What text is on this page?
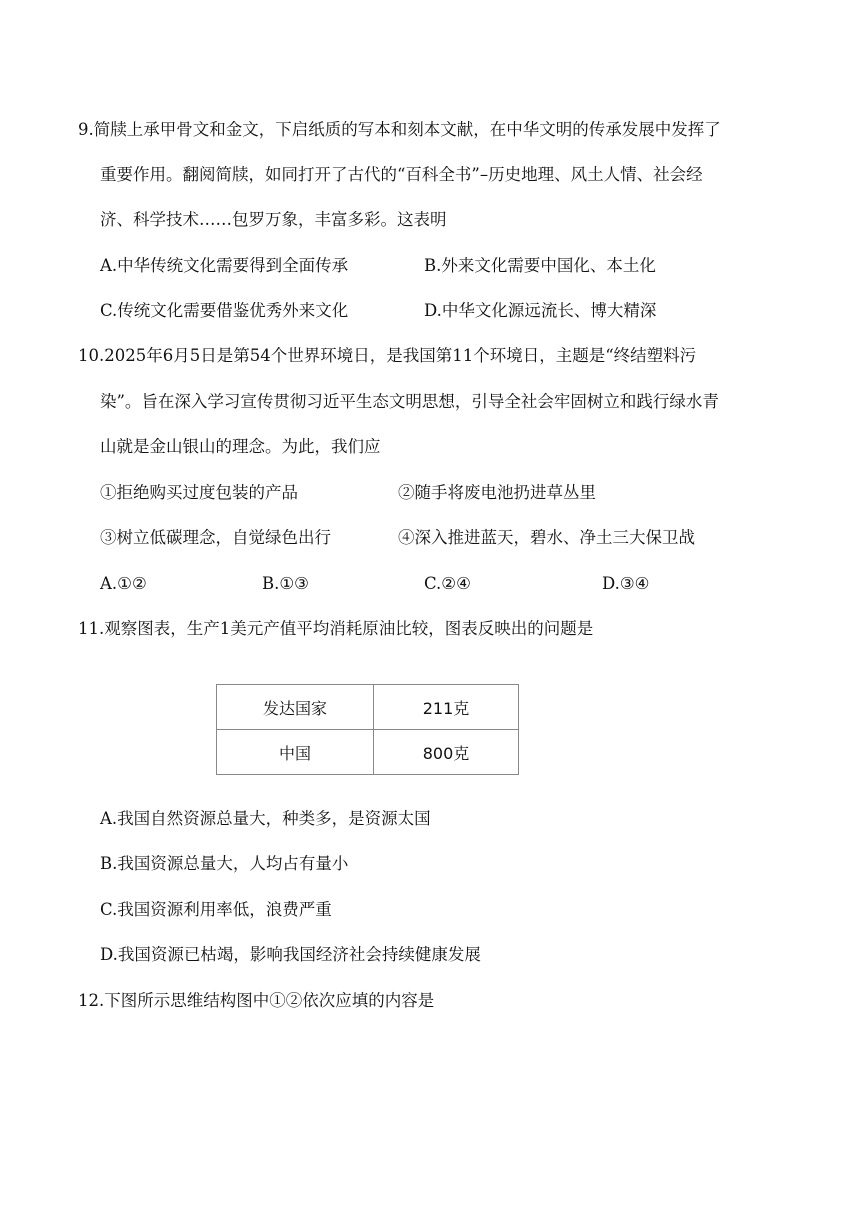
9.简牍上承甲骨文和金文，下启纸质的写本和刻本文献，在中华文明的传承发展中发挥了
重要作用。翻阅简牍，如同打开了古代的“百科全书”–历史地理、风土人情、社会经
济、科学技术……包罗万象，丰富多彩。这表明
A.中华传统文化需要得到全面传承	B.外来文化需要中国化、本土化
C.传统文化需要借鉴优秀外来文化	D.中华文化源远流长、博大精深
10.2025年6月5日是第54个世界环境日，是我国第11个环境日，主题是“终结塑料污
染”。旨在深入学习宣传贯彻习近平生态文明思想，引导全社会牢固树立和践行绿水青
山就是金山银山的理念。为此，我们应
①拒绝购买过度包装的产品	②随手将废电池扔进草丛里
③树立低碳理念，自觉绿色出行	④深入推进蓝天，碧水、净土三大保卫战
A.①②	B.①③	C.②④	D.③④
11.观察图表，生产1美元产值平均消耗原油比较，图表反映出的问题是
发达国家	211克
中国	800克
A.我国自然资源总量大，种类多，是资源太国
B.我国资源总量大，人均占有量小
C.我国资源利用率低，浪费严重
D.我国资源已枯竭，影响我国经济社会持续健康发展
12.下图所示思维结构图中①②依次应填的内容是
